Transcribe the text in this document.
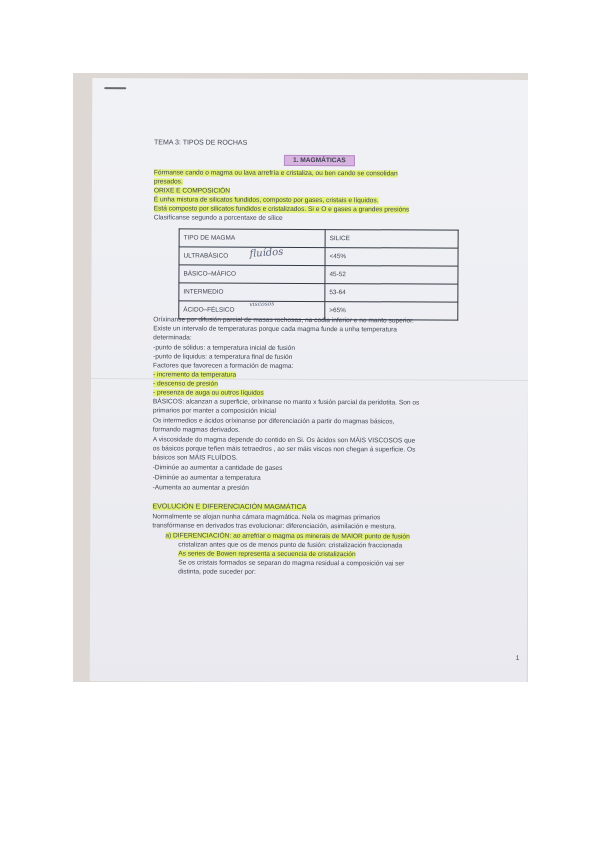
TEMA 3: TIPOS DE ROCHAS
1. MAGMÁTICAS
Fórmanse cando o magma ou lava arrefría e cristaliza, ou ben cando se consolidan
presados.
ORIXE E COMPOSICIÓN
É unha mistura de silicatos fundidos, composto por gases, cristais e líquidos.
Está composto por silicatos fundidos e cristalizados. Si e O e gases a grandes presións
Clasifícanse segundo a porcentaxe de sílice
TIPO DE MAGMA	SILICE
ULTRABÁSICO	<45%
BÁSICO–MÁFICO	45-52
INTERMEDIO	53-64
ÁCIDO–FÉLSICO	>65%
fluídos
viscosos
Oríxinanse por difusión parcial de masas rochosas, na codia inferior e no manto superior.
Existe un intervalo de temperaturas porque cada magma funde a unha temperatura
determinada:
-punto de sólidus: a temperatura inicial de fusión
-punto de liquidus: a temperatura final de fusión
Factores que favorecen a formación de magma:
- incremento da temperatura
- descenso de presión
- presenza de auga ou outros líquidos
BÁSICOS: alcanzan a superficie, oríxinanse no manto x fusión parcial da peridotita. Son os
primarios por manter a composición inicial
Os intermedios e ácidos oríxinanse por diferenciación a partir do magmas básicos,
formando magmas derivados.
A viscosidade do magma depende do contido en Si. Os ácidos son MÁIS VISCOSOS que
os básicos porque teñen máis tetraedros , ao ser máis viscos non chegan á superficie. Os
básicos son MÁIS FLUÍDOS.
-Diminúe ao aumentar a cantidade de gases
-Diminúe ao aumentar a temperatura
-Aumenta ao aumentar a presión
EVOLUCIÓN E DIFERENCIACIÓN MAGMÁTICA
Normalmente se alojan nunha cámara magmática. Nela os magmas primarios
transfórmanse en derivados tras evolucionar: diferenciación, asimilación e mestura.
a) DIFERENCIACIÓN: ao arrefriar o magma os minerais de MAIOR punto de fusión
cristalizan antes que os de menos punto de fusión: cristalización fraccionada
As series de Bowen representa a secuencia de cristalización
Se os cristais formados se separan do magma residual a composición vai ser
distinta, pode suceder por:
1
